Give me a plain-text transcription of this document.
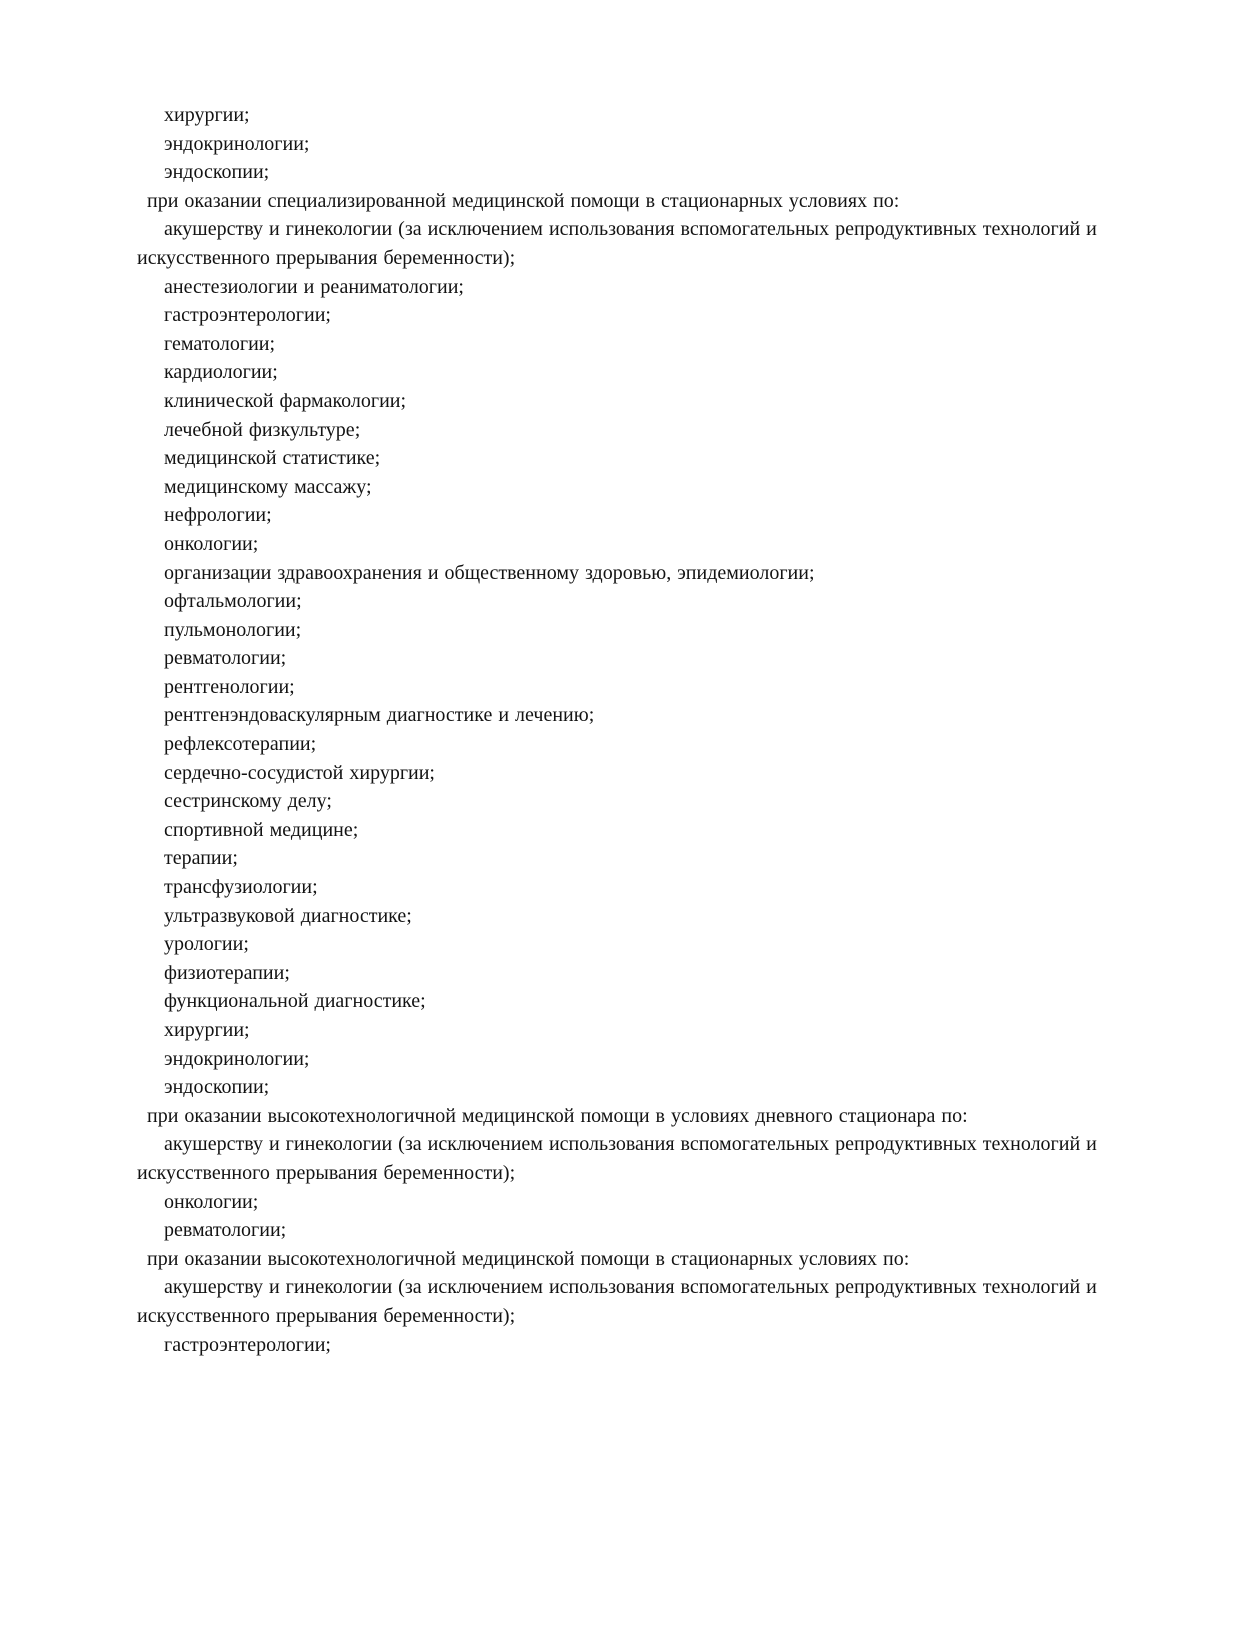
хирургии;

эндокринологии;

эндоскопии;

при оказании специализированной медицинской помощи в стационарных условиях по:

акушерству и гинекологии (за исключением использования вспомогательных репродуктивных технологий и искусственного прерывания беременности);

анестезиологии и реаниматологии;

гастроэнтерологии;

гематологии;

кардиологии;

клинической фармакологии;

лечебной физкультуре;

медицинской статистике;

медицинскому массажу;

нефрологии;

онкологии;

организации здравоохранения и общественному здоровью, эпидемиологии;

офтальмологии;

пульмонологии;

ревматологии;

рентгенологии;

рентгенэндоваскулярным диагностике и лечению;

рефлексотерапии;

сердечно-сосудистой хирургии;

сестринскому делу;

спортивной медицине;

терапии;

трансфузиологии;

ультразвуковой диагностике;

урологии;

физиотерапии;

функциональной диагностике;

хирургии;

эндокринологии;

эндоскопии;

при оказании высокотехнологичной медицинской помощи в условиях дневного стационара по:

акушерству и гинекологии (за исключением использования вспомогательных репродуктивных технологий и искусственного прерывания беременности);

онкологии;

ревматологии;

при оказании высокотехнологичной медицинской помощи в стационарных условиях по:

акушерству и гинекологии (за исключением использования вспомогательных репродуктивных технологий и искусственного прерывания беременности);

гастроэнтерологии;
